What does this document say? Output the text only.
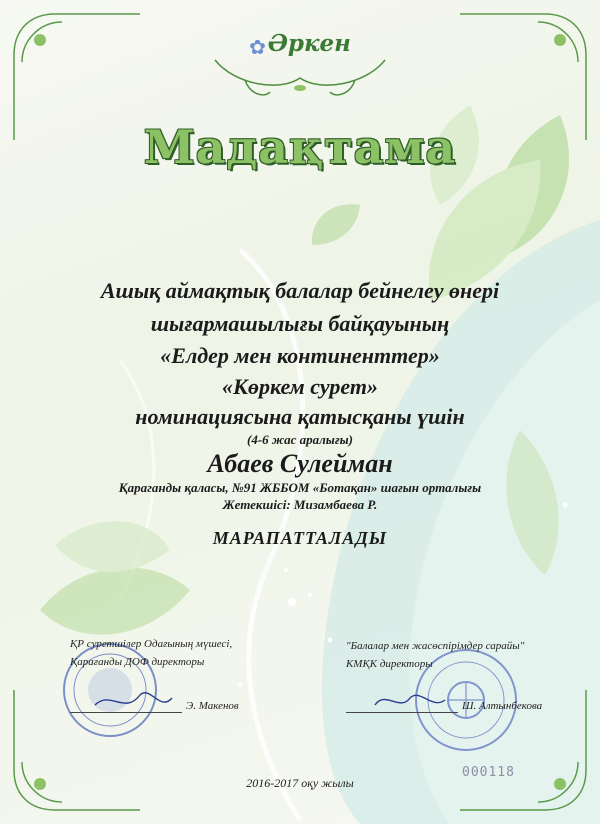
✿Әркен
Мадақтама
Ашық аймақтық балалар бейнелеу өнері
шығармашылығы байқауының
«Елдер мен континенттер»
«Көркем сурет»
номинациясына қатысқаны үшін
(4-6 жас аралығы)
Абаев Сулейман
Қараганды қаласы, №91 ЖББОМ «Ботақан» шағын орталығы
Жетекшісі: Мизамбаева Р.
МАРАПАТТАЛАДЫ
ҚР суретшілер Одағының мүшесі,
Қарағанды ДОФ директоры
Э. Макенов
"Балалар мен жасөспірімдер сарайы"
КМҚК директоры
Ш. Алтынбекова
000118
2016-2017 оқу жылы
